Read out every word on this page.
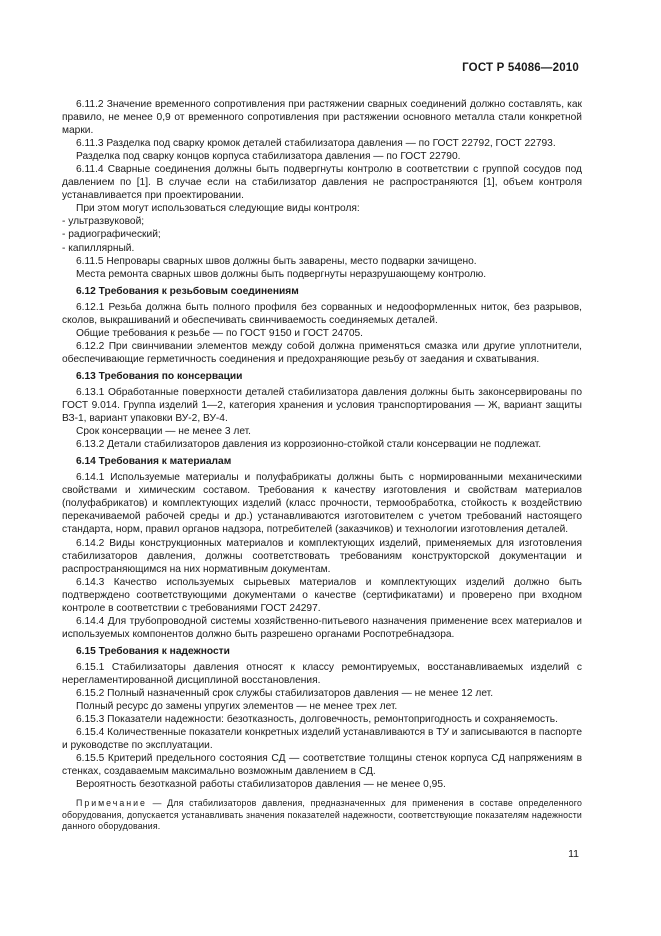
ГОСТ Р 54086—2010

6.11.2 Значение временного сопротивления при растяжении сварных соединений должно составлять, как правило, не менее 0,9 от временного сопротивления при растяжении основного металла стали конкретной марки.

6.11.3 Разделка под сварку кромок деталей стабилизатора давления — по ГОСТ 22792, ГОСТ 22793.

Разделка под сварку концов корпуса стабилизатора давления — по ГОСТ 22790.

6.11.4 Сварные соединения должны быть подвергнуты контролю в соответствии с группой сосудов под давлением по [1]. В случае если на стабилизатор давления не распространяются [1], объем контроля устанавливается при проектировании.

При этом могут использоваться следующие виды контроля:

- ультразвуковой;

- радиографический;

- капиллярный.

6.11.5 Непровары сварных швов должны быть заварены, место подварки зачищено.

Места ремонта сварных швов должны быть подвергнуты неразрушающему контролю.

6.12 Требования к резьбовым соединениям

6.12.1 Резьба должна быть полного профиля без сорванных и недооформленных ниток, без разрывов, сколов, выкрашиваний и обеспечивать свинчиваемость соединяемых деталей.

Общие требования к резьбе — по ГОСТ 9150 и ГОСТ 24705.

6.12.2 При свинчивании элементов между собой должна применяться смазка или другие уплотнители, обеспечивающие герметичность соединения и предохраняющие резьбу от заедания и схватывания.

6.13 Требования по консервации

6.13.1 Обработанные поверхности деталей стабилизатора давления должны быть законсервированы по ГОСТ 9.014. Группа изделий 1—2, категория хранения и условия транспортирования — Ж, вариант защиты ВЗ-1, вариант упаковки ВУ-2, ВУ-4.

Срок консервации — не менее 3 лет.

6.13.2 Детали стабилизаторов давления из коррозионно-стойкой стали консервации не подлежат.

6.14 Требования к материалам

6.14.1 Используемые материалы и полуфабрикаты должны быть с нормированными механическими свойствами и химическим составом. Требования к качеству изготовления и свойствам материалов (полуфабрикатов) и комплектующих изделий (класс прочности, термообработка, стойкость к воздействию перекачиваемой рабочей среды и др.) устанавливаются изготовителем с учетом требований настоящего стандарта, норм, правил органов надзора, потребителей (заказчиков) и технологии изготовления деталей.

6.14.2 Виды конструкционных материалов и комплектующих изделий, применяемых для изготовления стабилизаторов давления, должны соответствовать требованиям конструкторской документации и распространяющимся на них нормативным документам.

6.14.3 Качество используемых сырьевых материалов и комплектующих изделий должно быть подтверждено соответствующими документами о качестве (сертификатами) и проверено при входном контроле в соответствии с требованиями ГОСТ 24297.

6.14.4 Для трубопроводной системы хозяйственно-питьевого назначения применение всех материалов и используемых компонентов должно быть разрешено органами Роспотребнадзора.

6.15 Требования к надежности

6.15.1 Стабилизаторы давления относят к классу ремонтируемых, восстанавливаемых изделий с нерегламентированной дисциплиной восстановления.

6.15.2 Полный назначенный срок службы стабилизаторов давления — не менее 12 лет.

Полный ресурс до замены упругих элементов — не менее трех лет.

6.15.3 Показатели надежности: безотказность, долговечность, ремонтопригодность и сохраняемость.

6.15.4 Количественные показатели конкретных изделий устанавливаются в ТУ и записываются в паспорте и руководстве по эксплуатации.

6.15.5 Критерий предельного состояния СД — соответствие толщины стенок корпуса СД напряжениям в стенках, создаваемым максимально возможным давлением в СД.

Вероятность безотказной работы стабилизаторов давления — не менее 0,95.

Примечание — Для стабилизаторов давления, предназначенных для применения в составе определенного оборудования, допускается устанавливать значения показателей надежности, соответствующие показателям надежности данного оборудования.

11
